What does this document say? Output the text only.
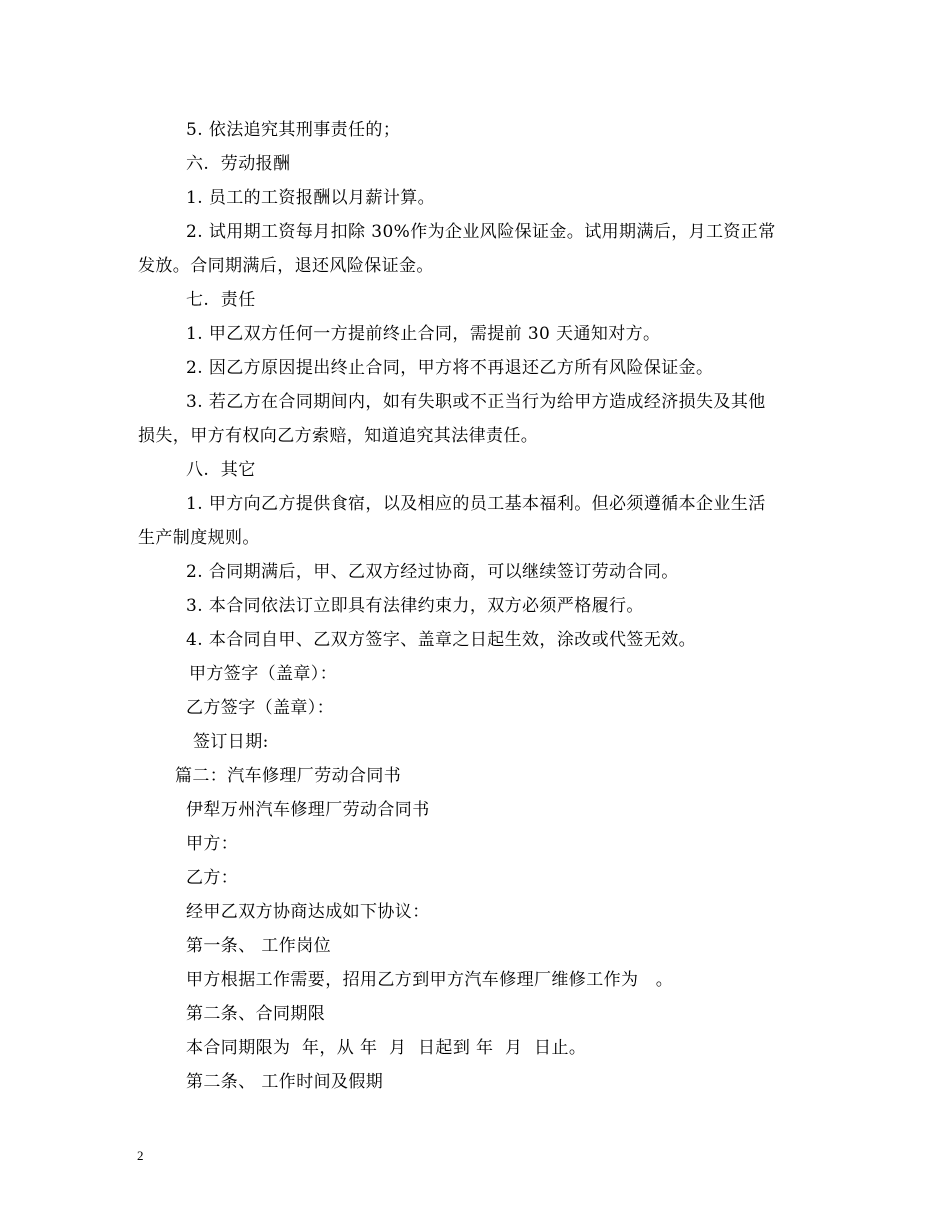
5. 依法追究其刑事责任的；
六.  劳动报酬
1. 员工的工资报酬以月薪计算。
2. 试用期工资每月扣除 30%作为企业风险保证金。试用期满后，月工资正常
发放。合同期满后，退还风险保证金。
七.  责任
1. 甲乙双方任何一方提前终止合同，需提前 30 天通知对方。
2. 因乙方原因提出终止合同，甲方将不再退还乙方所有风险保证金。
3. 若乙方在合同期间内，如有失职或不正当行为给甲方造成经济损失及其他
损失，甲方有权向乙方索赔，知道追究其法律责任。
八.  其它
1. 甲方向乙方提供食宿，以及相应的员工基本福利。但必须遵循本企业生活
生产制度规则。
2. 合同期满后，甲、乙双方经过协商，可以继续签订劳动合同。
3. 本合同依法订立即具有法律约束力，双方必须严格履行。
4. 本合同自甲、乙双方签字、盖章之日起生效，涂改或代签无效。
甲方签字（盖章）：
乙方签字（盖章）：
签订日期:
篇二：汽车修理厂劳动合同书
伊犁万州汽车修理厂劳动合同书
甲方：
乙方：
经甲乙双方协商达成如下协议：
第一条、 工作岗位
甲方根据工作需要，招用乙方到甲方汽车修理厂维修工作为   。
第二条、合同期限
本合同期限为  年，从 年  月  日起到 年  月  日止。
第二条、 工作时间及假期
2
